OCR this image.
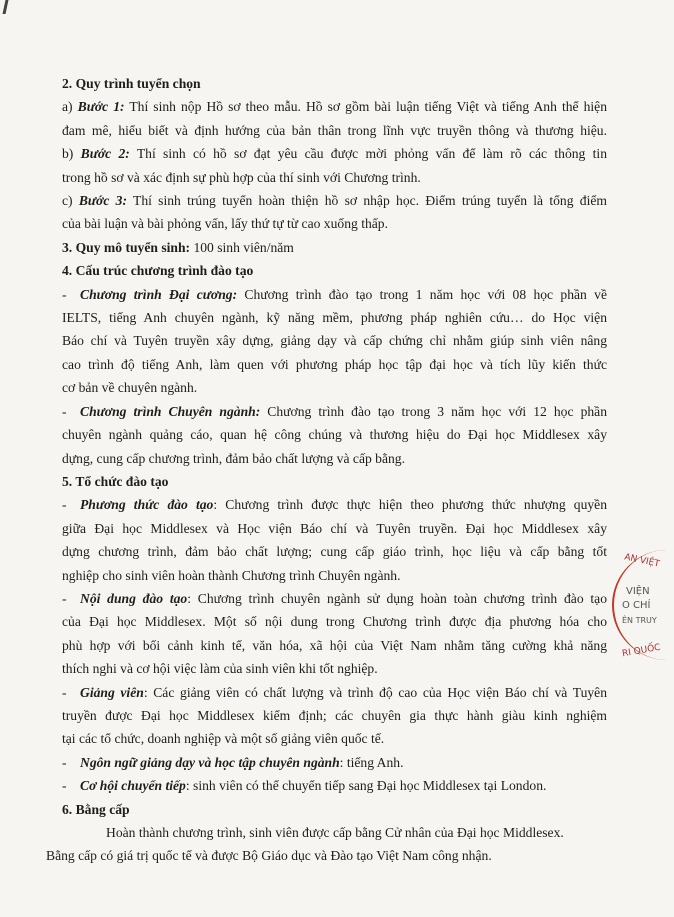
2. Quy trình tuyển chọn
a) Bước 1: Thí sinh nộp Hồ sơ theo mẫu. Hồ sơ gồm bài luận tiếng Việt và tiếng Anh thể hiện
đam mê, hiểu biết và định hướng của bản thân trong lĩnh vực truyền thông và thương hiệu.
b) Bước 2: Thí sinh có hồ sơ đạt yêu cầu được mời phỏng vấn để làm rõ các thông tin
trong hồ sơ và xác định sự phù hợp của thí sinh với Chương trình.
c) Bước 3: Thí sinh trúng tuyển hoàn thiện hồ sơ nhập học. Điểm trúng tuyển là tổng điểm
của bài luận và bài phỏng vấn, lấy thứ tự từ cao xuống thấp.
3. Quy mô tuyển sinh: 100 sinh viên/năm
4. Cấu trúc chương trình đào tạo
- Chương trình Đại cương: Chương trình đào tạo trong 1 năm học với 08 học phần về
IELTS, tiếng Anh chuyên ngành, kỹ năng mềm, phương pháp nghiên cứu… do Học viện
Báo chí và Tuyên truyền xây dựng, giảng dạy và cấp chứng chỉ nhằm giúp sinh viên nâng
cao trình độ tiếng Anh, làm quen với phương pháp học tập đại học và tích lũy kiến thức
cơ bản về chuyên ngành.
- Chương trình Chuyên ngành: Chương trình đào tạo trong 3 năm học với 12 học phần
chuyên ngành quảng cáo, quan hệ công chúng và thương hiệu do Đại học Middlesex xây
dựng, cung cấp chương trình, đảm bảo chất lượng và cấp bằng.
5. Tổ chức đào tạo
- Phương thức đào tạo: Chương trình được thực hiện theo phương thức nhượng quyền
giữa Đại học Middlesex và Học viện Báo chí và Tuyên truyền. Đại học Middlesex xây
dựng chương trình, đảm bảo chất lượng; cung cấp giáo trình, học liệu và cấp bằng tốt
nghiệp cho sinh viên hoàn thành Chương trình Chuyên ngành.
- Nội dung đào tạo: Chương trình chuyên ngành sử dụng hoàn toàn chương trình đào tạo
của Đại học Middlesex. Một số nội dung trong Chương trình được địa phương hóa cho
phù hợp với bối cảnh kinh tế, văn hóa, xã hội của Việt Nam nhằm tăng cường khả năng
thích nghi và cơ hội việc làm của sinh viên khi tốt nghiệp.
- Giảng viên: Các giảng viên có chất lượng và trình độ cao của Học viện Báo chí và Tuyên
truyền được Đại học Middlesex kiểm định; các chuyên gia thực hành giàu kinh nghiệm
tại các tổ chức, doanh nghiệp và một số giảng viên quốc tế.
- Ngôn ngữ giảng dạy và học tập chuyên ngành: tiếng Anh.
- Cơ hội chuyển tiếp: sinh viên có thể chuyển tiếp sang Đại học Middlesex tại London.
6. Bằng cấp
Hoàn thành chương trình, sinh viên được cấp bằng Cử nhân của Đại học Middlesex.
Bằng cấp có giá trị quốc tế và được Bộ Giáo dục và Đào tạo Việt Nam công nhận.
AN VIỆT
VIỆN
O CHÍ
ÊN TRUY
RI QUỐC
